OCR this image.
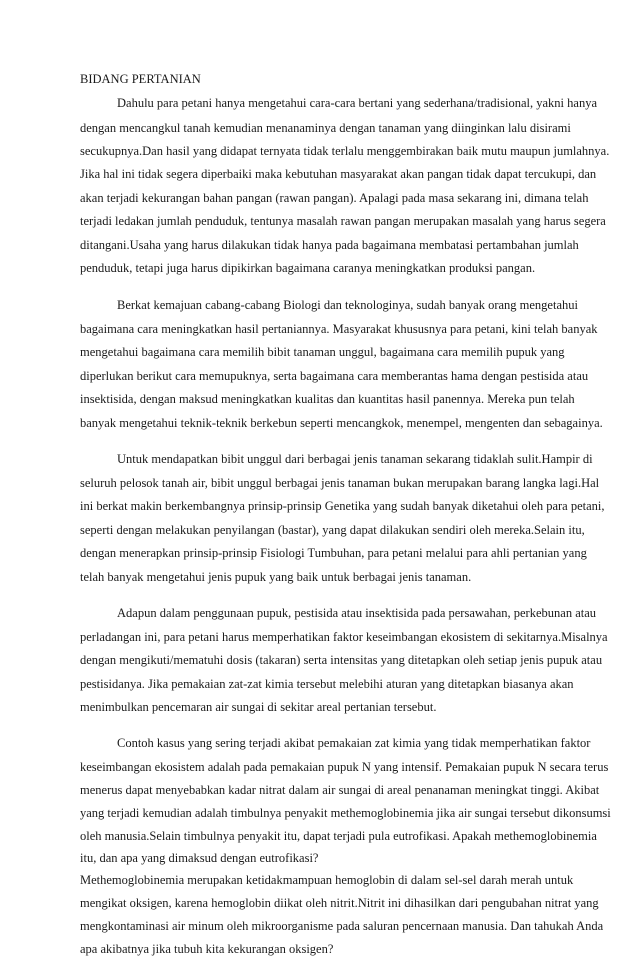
BIDANG PERTANIAN
Dahulu para petani hanya mengetahui cara-cara bertani yang sederhana/tradisional, yakni hanya
dengan mencangkul tanah kemudian menanaminya dengan tanaman yang diinginkan lalu disirami
secukupnya.Dan hasil yang didapat ternyata tidak terlalu menggembirakan baik mutu maupun jumlahnya.
Jika hal ini tidak segera diperbaiki maka kebutuhan masyarakat akan pangan tidak dapat tercukupi, dan
akan terjadi kekurangan bahan pangan (rawan pangan). Apalagi pada masa sekarang ini, dimana telah
terjadi ledakan jumlah penduduk, tentunya masalah rawan pangan merupakan masalah yang harus segera
ditangani.Usaha yang harus dilakukan tidak hanya pada bagaimana membatasi pertambahan jumlah
penduduk, tetapi juga harus dipikirkan bagaimana caranya meningkatkan produksi pangan.
Berkat kemajuan cabang-cabang Biologi dan teknologinya, sudah banyak orang mengetahui
bagaimana cara meningkatkan hasil pertaniannya. Masyarakat khususnya para petani, kini telah banyak
mengetahui bagaimana cara memilih bibit tanaman unggul, bagaimana cara memilih pupuk yang
diperlukan berikut cara memupuknya, serta bagaimana cara memberantas hama dengan pestisida atau
insektisida, dengan maksud meningkatkan kualitas dan kuantitas hasil panennya. Mereka pun telah
banyak mengetahui teknik-teknik berkebun seperti mencangkok, menempel, mengenten dan sebagainya.
Untuk mendapatkan bibit unggul dari berbagai jenis tanaman sekarang tidaklah sulit.Hampir di
seluruh pelosok tanah air, bibit unggul berbagai jenis tanaman bukan merupakan barang langka lagi.Hal
ini berkat makin berkembangnya prinsip-prinsip Genetika yang sudah banyak diketahui oleh para petani,
seperti dengan melakukan penyilangan (bastar), yang dapat dilakukan sendiri oleh mereka.Selain itu,
dengan menerapkan prinsip-prinsip Fisiologi Tumbuhan, para petani melalui para ahli pertanian yang
telah banyak mengetahui jenis pupuk yang baik untuk berbagai jenis tanaman.
Adapun dalam penggunaan pupuk, pestisida atau insektisida pada persawahan, perkebunan atau
perladangan ini, para petani harus memperhatikan faktor keseimbangan ekosistem di sekitarnya.Misalnya
dengan mengikuti/mematuhi dosis (takaran) serta intensitas yang ditetapkan oleh setiap jenis pupuk atau
pestisidanya. Jika pemakaian zat-zat kimia tersebut melebihi aturan yang ditetapkan biasanya akan
menimbulkan pencemaran air sungai di sekitar areal pertanian tersebut.
Contoh kasus yang sering terjadi akibat pemakaian zat kimia yang tidak memperhatikan faktor
keseimbangan ekosistem adalah pada pemakaian pupuk N yang intensif. Pemakaian pupuk N secara terus
menerus dapat menyebabkan kadar nitrat dalam air sungai di areal penanaman meningkat tinggi. Akibat
yang terjadi kemudian adalah timbulnya penyakit methemoglobinemia jika air sungai tersebut dikonsumsi
oleh manusia.Selain timbulnya penyakit itu, dapat terjadi pula eutrofikasi. Apakah methemoglobinemia
itu, dan apa yang dimaksud dengan eutrofikasi?
Methemoglobinemia merupakan ketidakmampuan hemoglobin di dalam sel-sel darah merah untuk
mengikat oksigen, karena hemoglobin diikat oleh nitrit.Nitrit ini dihasilkan dari pengubahan nitrat yang
mengkontaminasi air minum oleh mikroorganisme pada saluran pencernaan manusia. Dan tahukah Anda
apa akibatnya jika tubuh kita kekurangan oksigen?
